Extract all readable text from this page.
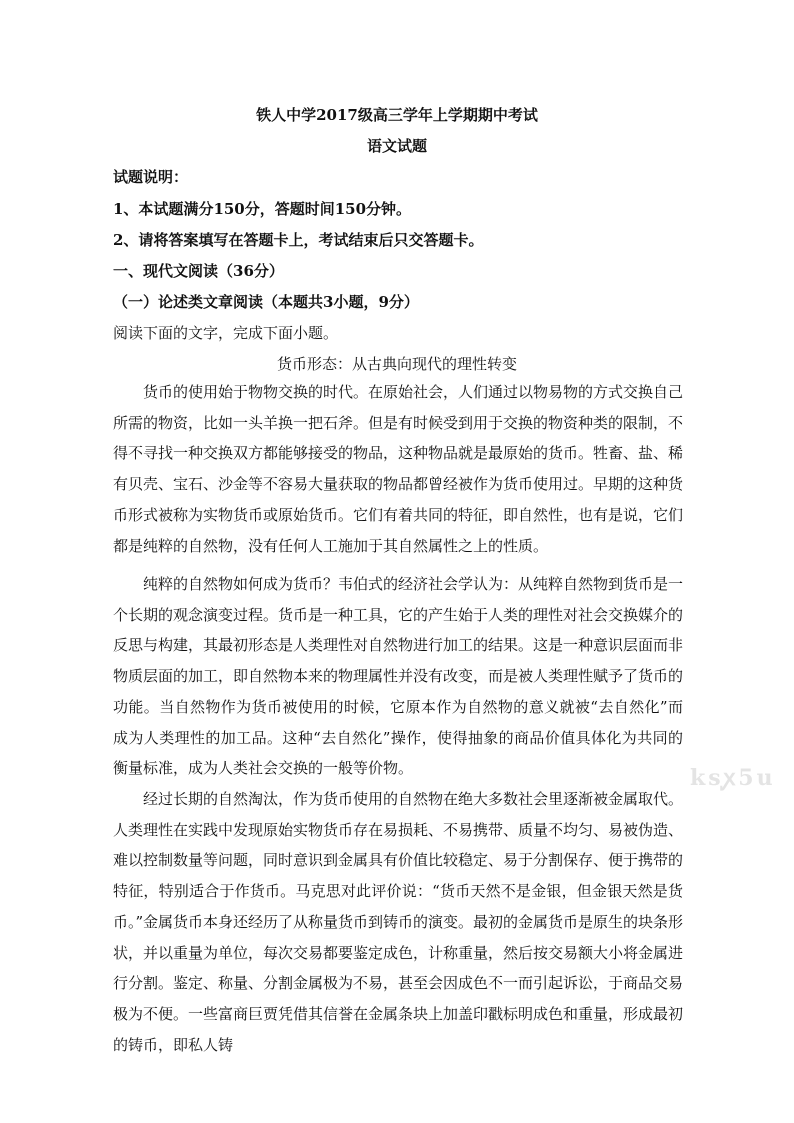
铁人中学2017级高三学年上学期期中考试
语文试题
试题说明：
1、本试题满分150分，答题时间150分钟。
2、请将答案填写在答题卡上，考试结束后只交答题卡。
一、现代文阅读（36分）
（一）论述类文章阅读（本题共3小题，9分）
阅读下面的文字，完成下面小题。
货币形态：从古典向现代的理性转变

货币的使用始于物物交换的时代。在原始社会，人们通过以物易物的方式交换自己所需的物资，比如一头羊换一把石斧。但是有时候受到用于交换的物资种类的限制，不得不寻找一种交换双方都能够接受的物品，这种物品就是最原始的货币。牲畜、盐、稀有贝壳、宝石、沙金等不容易大量获取的物品都曾经被作为货币使用过。早期的这种货币形式被称为实物货币或原始货币。它们有着共同的特征，即自然性，也有是说，它们都是纯粹的自然物，没有任何人工施加于其自然属性之上的性质。

纯粹的自然物如何成为货币？韦伯式的经济社会学认为：从纯粹自然物到货币是一个长期的观念演变过程。货币是一种工具，它的产生始于人类的理性对社会交换媒介的反思与构建，其最初形态是人类理性对自然物进行加工的结果。这是一种意识层面而非物质层面的加工，即自然物本来的物理属性并没有改变，而是被人类理性赋予了货币的功能。当自然物作为货币被使用的时候，它原本作为自然物的意义就被“去自然化”而成为人类理性的加工品。这种“去自然化”操作，使得抽象的商品价值具体化为共同的衡量标准，成为人类社会交换的一般等价物。

经过长期的自然淘汰，作为货币使用的自然物在绝大多数社会里逐渐被金属取代。人类理性在实践中发现原始实物货币存在易损耗、不易携带、质量不均匀、易被伪造、难以控制数量等问题，同时意识到金属具有价值比较稳定、易于分割保存、便于携带的特征，特别适合于作货币。马克思对此评价说：“货币天然不是金银，但金银天然是货币。” 金属货币本身还经历了从称量货币到铸币的演变。最初的金属货币是原生的块条形状，并以重量为单位，每次交易都要鉴定成色，计称重量，然后按交易额大小将金属进行分割。鉴定、称量、分割金属极为不易，甚至会因成色不一而引起诉讼，于商品交易极为不便。一些富商巨贾凭借其信誉在金属条块上加盖印戳标明成色和重量，形成最初的铸币，即私人铸

ksꭙ5u
